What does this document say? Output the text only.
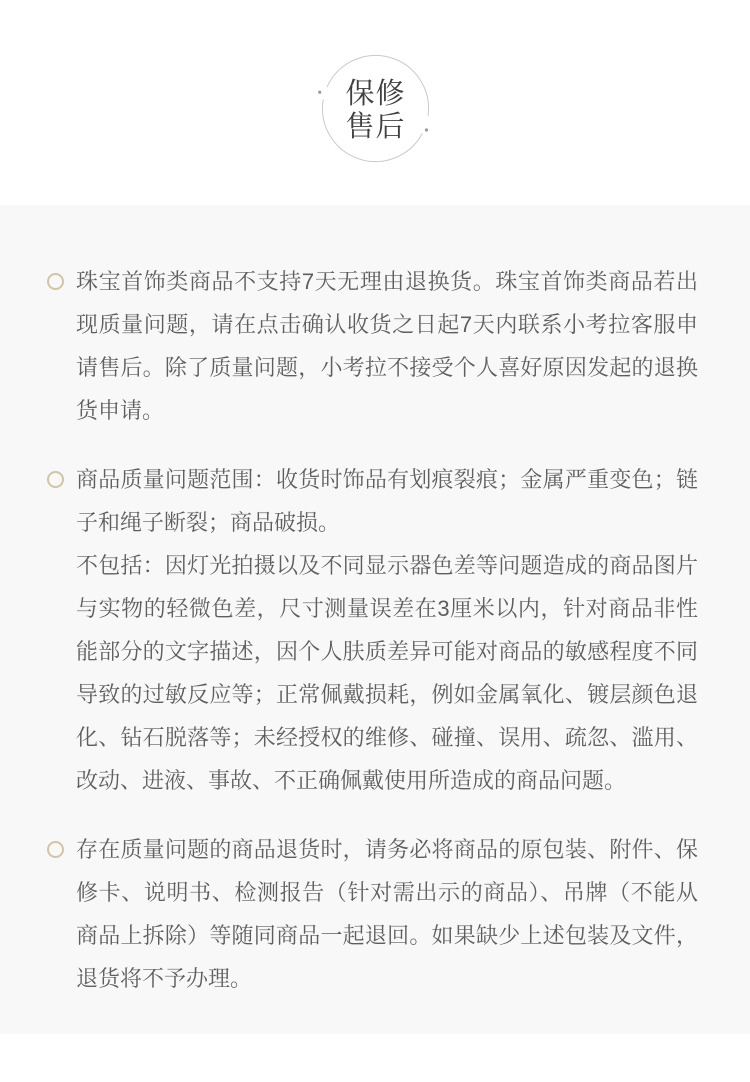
保修
售后
珠宝首饰类商品不支持7天无理由退换货。珠宝首饰类商品若出现质量问题，请在点击确认收货之日起7天内联系小考拉客服申请售后。除了质量问题，小考拉不接受个人喜好原因发起的退换货申请。
商品质量问题范围：收货时饰品有划痕裂痕；金属严重变色；链子和绳子断裂；商品破损。
不包括：因灯光拍摄以及不同显示器色差等问题造成的商品图片与实物的轻微色差，尺寸测量误差在3厘米以内，针对商品非性能部分的文字描述，因个人肤质差异可能对商品的敏感程度不同导致的过敏反应等；正常佩戴损耗，例如金属氧化、镀层颜色退化、钻石脱落等；未经授权的维修、碰撞、误用、疏忽、滥用、改动、进液、事故、不正确佩戴使用所造成的商品问题。
存在质量问题的商品退货时，请务必将商品的原包装、附件、保修卡、说明书、检测报告（针对需出示的商品）、吊牌（不能从商品上拆除）等随同商品一起退回。如果缺少上述包装及文件，退货将不予办理。
